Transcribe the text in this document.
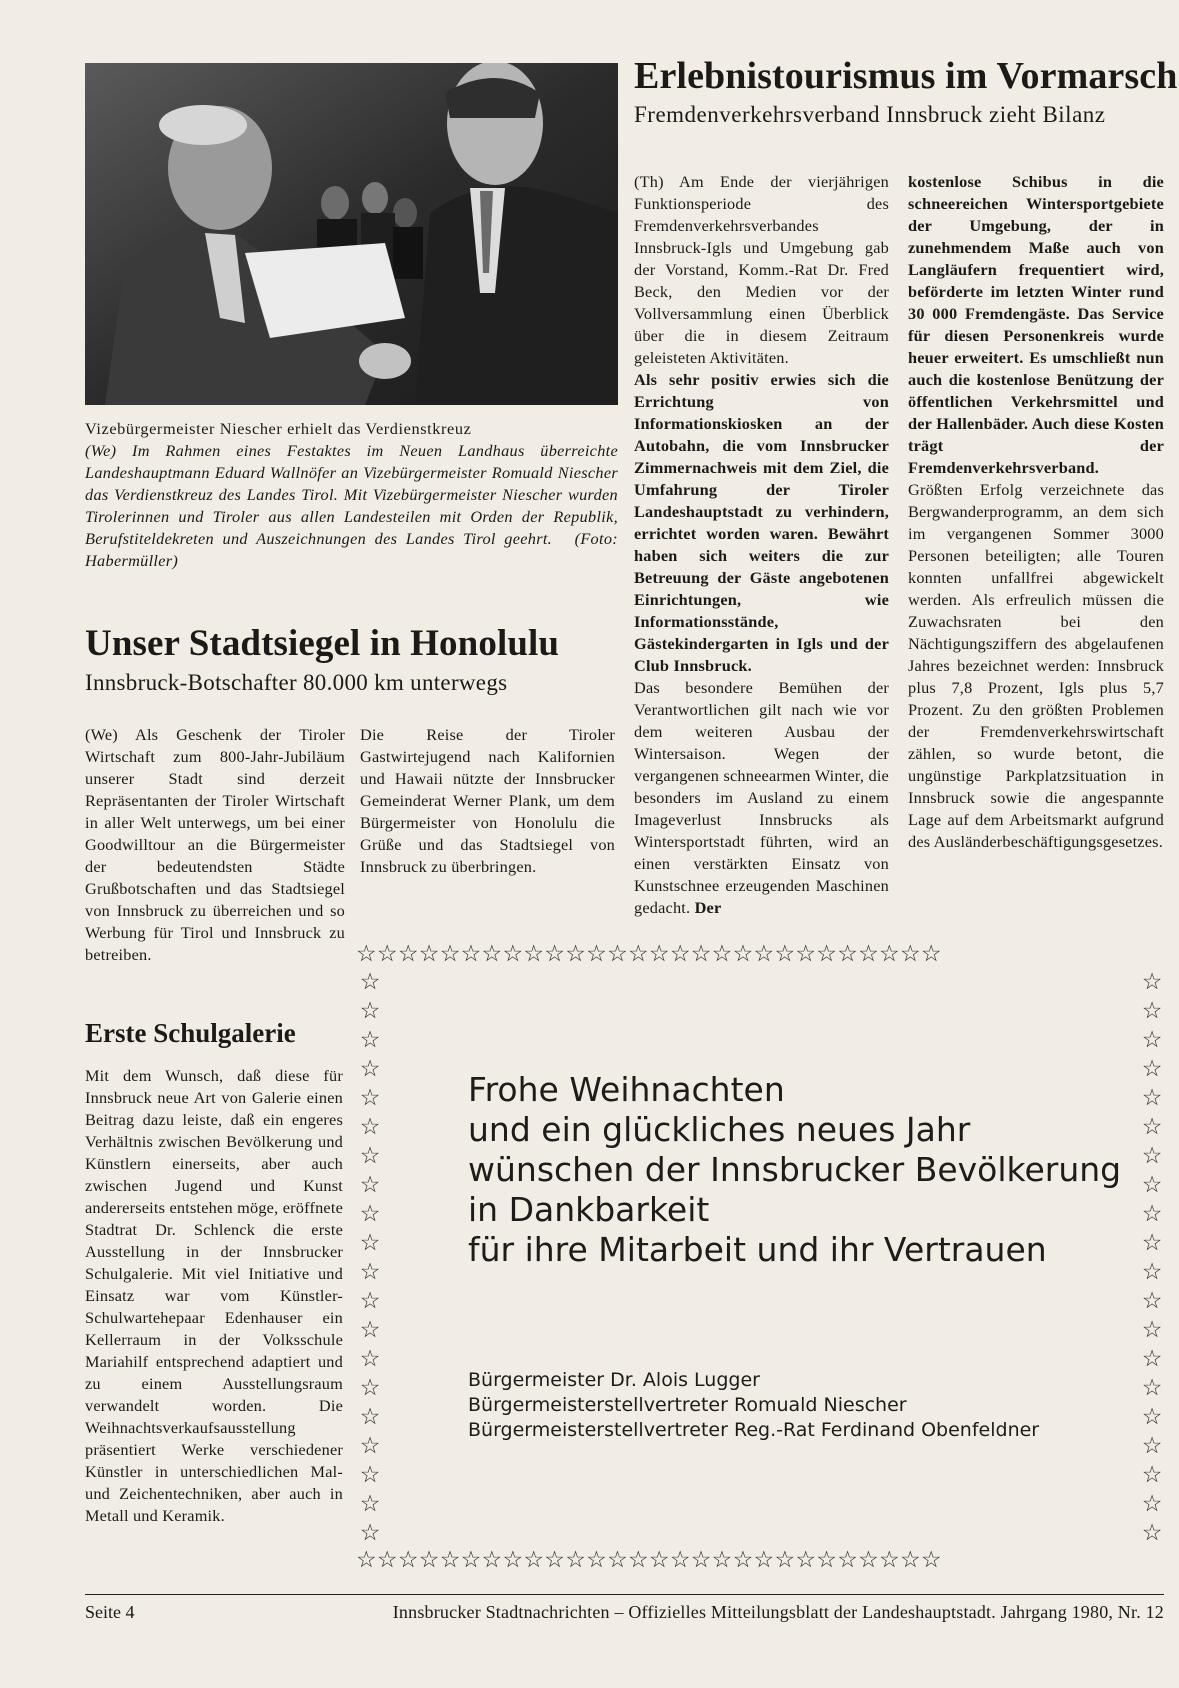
Vizebürgermeister Niescher erhielt das Verdienstkreuz

(We) Im Rahmen eines Festaktes im Neuen Landhaus überreichte Landeshauptmann Eduard Wallnöfer an Vizebürgermeister Romuald Niescher das Verdienstkreuz des Landes Tirol. Mit Vizebürgermeister Niescher wurden Tirolerinnen und Tiroler aus allen Landesteilen mit Orden der Republik, Berufstiteldekreten und Auszeichnungen des Landes Tirol geehrt. (Foto: Habermüller)

Unser Stadtsiegel in Honolulu
Innsbruck-Botschafter 80.000 km unterwegs

(We) Als Geschenk der Tiroler Wirtschaft zum 800-Jahr-Jubiläum unserer Stadt sind derzeit Repräsentanten der Tiroler Wirtschaft in aller Welt unterwegs, um bei einer Goodwilltour an die Bürgermeister der bedeutendsten Städte Grußbotschaften und das Stadtsiegel von Innsbruck zu überreichen und so Werbung für Tirol und Innsbruck zu betreiben.

Die Reise der Tiroler Gastwirtejugend nach Kalifornien und Hawaii nützte der Innsbrucker Gemeinderat Werner Plank, um dem Bürgermeister von Honolulu die Grüße und das Stadtsiegel von Innsbruck zu überbringen.

Erste Schulgalerie

Mit dem Wunsch, daß diese für Innsbruck neue Art von Galerie einen Beitrag dazu leiste, daß ein engeres Verhältnis zwischen Bevölkerung und Künstlern einerseits, aber auch zwischen Jugend und Kunst andererseits entstehen möge, eröffnete Stadtrat Dr. Schlenck die erste Ausstellung in der Innsbrucker Schulgalerie. Mit viel Initiative und Einsatz war vom Künstler-Schulwartehepaar Edenhauser ein Kellerraum in der Volksschule Mariahilf entsprechend adaptiert und zu einem Ausstellungsraum verwandelt worden. Die Weihnachtsverkaufsausstellung präsentiert Werke verschiedener Künstler in unterschiedlichen Mal- und Zeichentechniken, aber auch in Metall und Keramik.

Erlebnistourismus im Vormarsch
Fremdenverkehrsverband Innsbruck zieht Bilanz

(Th) Am Ende der vierjährigen Funktionsperiode des Fremdenverkehrsverbandes Innsbruck-Igls und Umgebung gab der Vorstand, Komm.-Rat Dr. Fred Beck, den Medien vor der Vollversammlung einen Überblick über die in diesem Zeitraum geleisteten Aktivitäten.

Als sehr positiv erwies sich die Errichtung von Informationskiosken an der Autobahn, die vom Innsbrucker Zimmernachweis mit dem Ziel, die Umfahrung der Tiroler Landeshauptstadt zu verhindern, errichtet worden waren. Bewährt haben sich weiters die zur Betreuung der Gäste angebotenen Einrichtungen, wie Informationsstände, Gästekindergarten in Igls und der Club Innsbruck.

Das besondere Bemühen der Verantwortlichen gilt nach wie vor dem weiteren Ausbau der Wintersaison. Wegen der vergangenen schneearmen Winter, die besonders im Ausland zu einem Imageverlust Innsbrucks als Wintersportstadt führten, wird an einen verstärkten Einsatz von Kunstschnee erzeugenden Maschinen gedacht. Der

kostenlose Schibus in die schneereichen Wintersportgebiete der Umgebung, der in zunehmendem Maße auch von Langläufern frequentiert wird, beförderte im letzten Winter rund 30 000 Fremdengäste. Das Service für diesen Personenkreis wurde heuer erweitert. Es umschließt nun auch die kostenlose Benützung der öffentlichen Verkehrsmittel und der Hallenbäder. Auch diese Kosten trägt der Fremdenverkehrsverband.

Größten Erfolg verzeichnete das Bergwanderprogramm, an dem sich im vergangenen Sommer 3000 Personen beteiligten; alle Touren konnten unfallfrei abgewickelt werden. Als erfreulich müssen die Zuwachsraten bei den Nächtigungsziffern des abgelaufenen Jahres bezeichnet werden: Innsbruck plus 7,8 Prozent, Igls plus 5,7 Prozent. Zu den größten Problemen der Fremdenverkehrswirtschaft zählen, so wurde betont, die ungünstige Parkplatzsituation in Innsbruck sowie die angespannte Lage auf dem Arbeitsmarkt aufgrund des Ausländerbeschäftigungsgesetzes.

☆☆☆☆☆☆☆☆☆☆☆☆☆☆☆☆☆☆☆☆☆☆☆☆☆☆☆☆
☆☆☆☆☆☆☆☆☆☆☆☆☆☆☆☆☆☆☆☆☆☆☆☆☆☆☆☆
☆
☆
☆
☆
☆
☆
☆
☆
☆
☆
☆
☆
☆
☆
☆
☆
☆
☆
☆
☆
☆
☆
☆
☆
☆
☆
☆
☆
☆
☆
☆
☆
☆
☆
☆
☆
☆
☆
☆
☆
Frohe Weihnachten
und ein glückliches neues Jahr
wünschen der Innsbrucker Bevölkerung
in Dankbarkeit
für ihre Mitarbeit und ihr Vertrauen
Bürgermeister Dr. Alois Lugger
Bürgermeisterstellvertreter Romuald Niescher
Bürgermeisterstellvertreter Reg.-Rat Ferdinand Obenfeldner
Seite 4	Innsbrucker Stadtnachrichten – Offizielles Mitteilungsblatt der Landeshauptstadt. Jahrgang 1980, Nr. 12
